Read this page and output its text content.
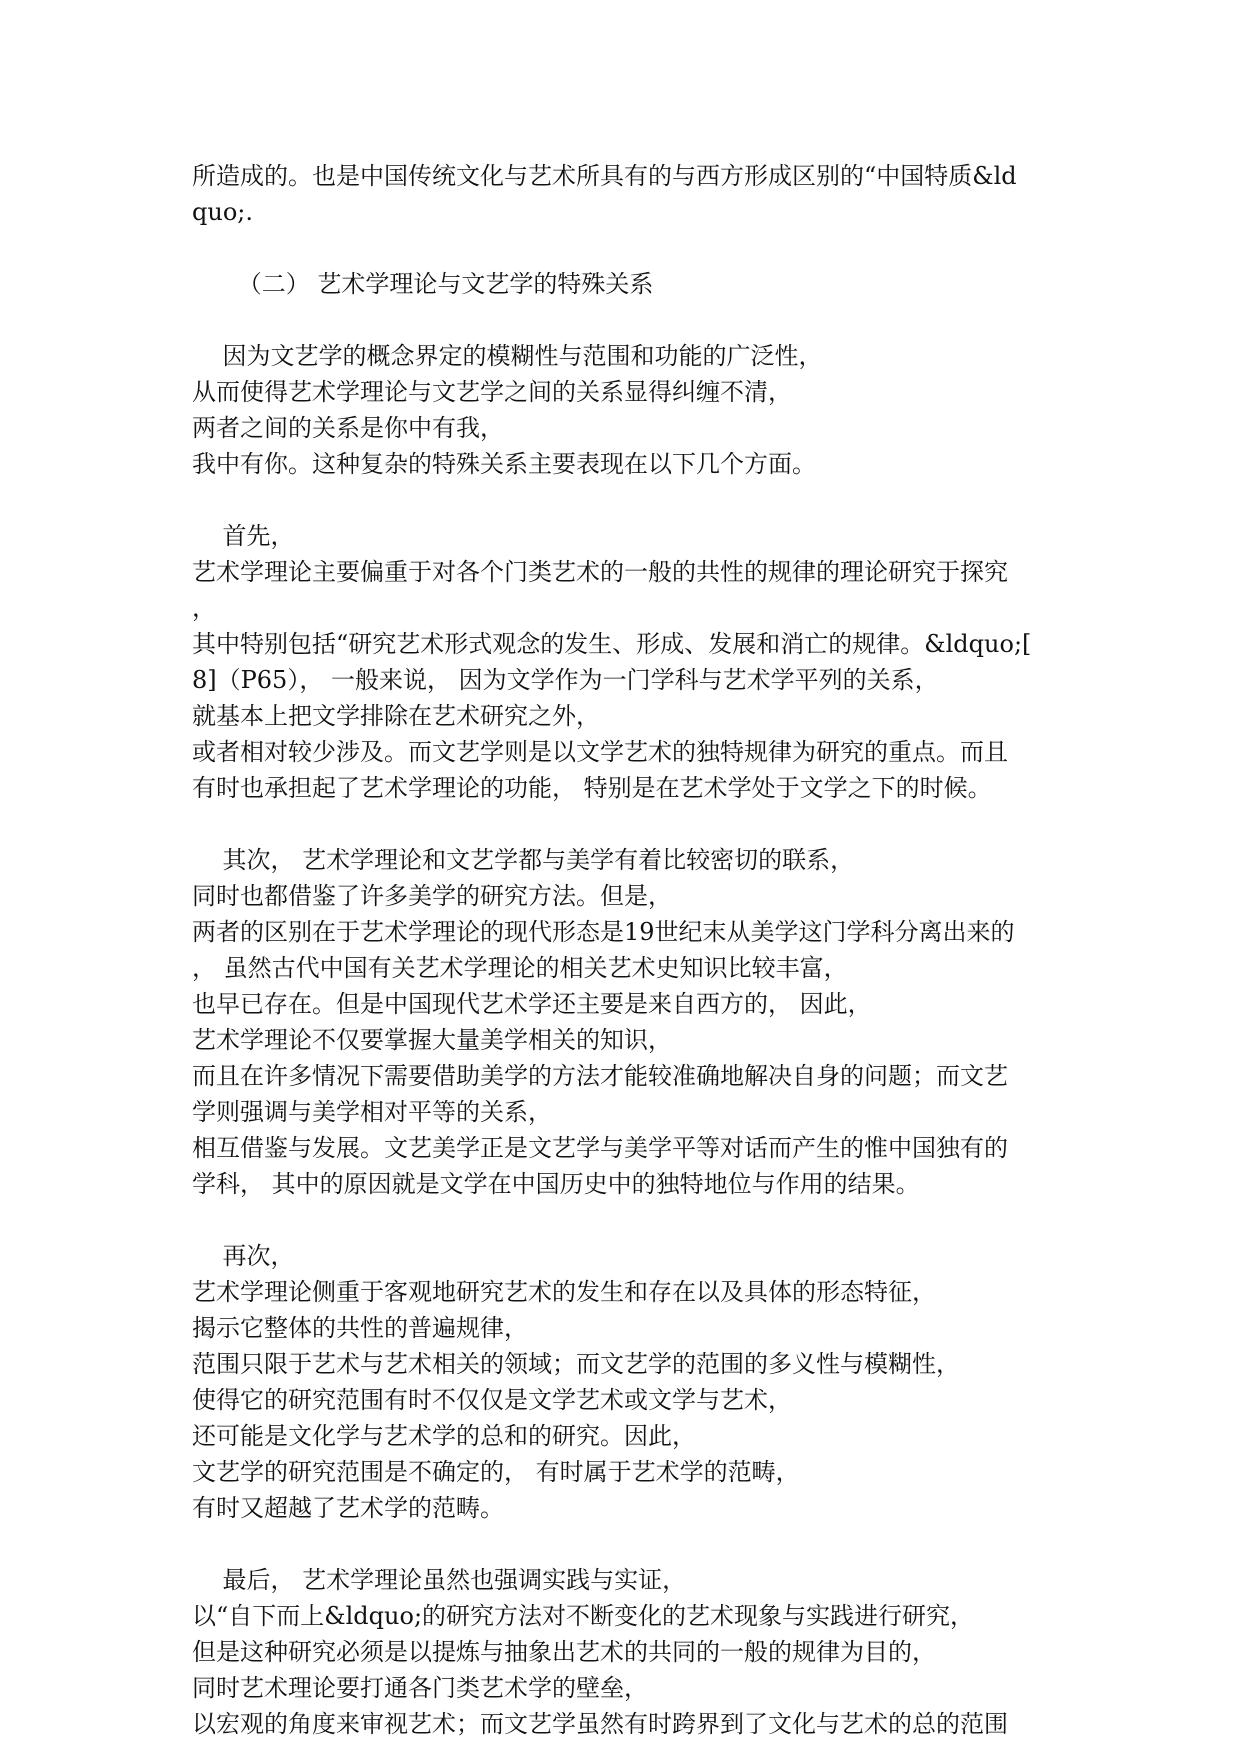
所造成的。也是中国传统文化与艺术所具有的与西方形成区别的“中国特质&ld
quo;.
（二） 艺术学理论与文艺学的特殊关系
因为文艺学的概念界定的模糊性与范围和功能的广泛性，
从而使得艺术学理论与文艺学之间的关系显得纠缠不清，
两者之间的关系是你中有我，
我中有你。这种复杂的特殊关系主要表现在以下几个方面。
首先，
艺术学理论主要偏重于对各个门类艺术的一般的共性的规律的理论研究于探究
，
其中特别包括“研究艺术形式观念的发生、形成、发展和消亡的规律。&ldquo;[
8]（P65）， 一般来说， 因为文学作为一门学科与艺术学平列的关系，
就基本上把文学排除在艺术研究之外，
或者相对较少涉及。而文艺学则是以文学艺术的独特规律为研究的重点。而且
有时也承担起了艺术学理论的功能， 特别是在艺术学处于文学之下的时候。
其次， 艺术学理论和文艺学都与美学有着比较密切的联系，
同时也都借鉴了许多美学的研究方法。但是，
两者的区别在于艺术学理论的现代形态是19世纪末从美学这门学科分离出来的
， 虽然古代中国有关艺术学理论的相关艺术史知识比较丰富，
也早已存在。但是中国现代艺术学还主要是来自西方的， 因此，
艺术学理论不仅要掌握大量美学相关的知识，
而且在许多情况下需要借助美学的方法才能较准确地解决自身的问题；而文艺
学则强调与美学相对平等的关系，
相互借鉴与发展。文艺美学正是文艺学与美学平等对话而产生的惟中国独有的
学科， 其中的原因就是文学在中国历史中的独特地位与作用的结果。
再次，
艺术学理论侧重于客观地研究艺术的发生和存在以及具体的形态特征，
揭示它整体的共性的普遍规律，
范围只限于艺术与艺术相关的领域；而文艺学的范围的多义性与模糊性，
使得它的研究范围有时不仅仅是文学艺术或文学与艺术，
还可能是文化学与艺术学的总和的研究。因此，
文艺学的研究范围是不确定的， 有时属于艺术学的范畴，
有时又超越了艺术学的范畴。
最后， 艺术学理论虽然也强调实践与实证，
以“自下而上&ldquo;的研究方法对不断变化的艺术现象与实践进行研究，
但是这种研究必须是以提炼与抽象出艺术的共同的一般的规律为目的，
同时艺术理论要打通各门类艺术学的壁垒，
以宏观的角度来审视艺术；而文艺学虽然有时跨界到了文化与艺术的总的范围
